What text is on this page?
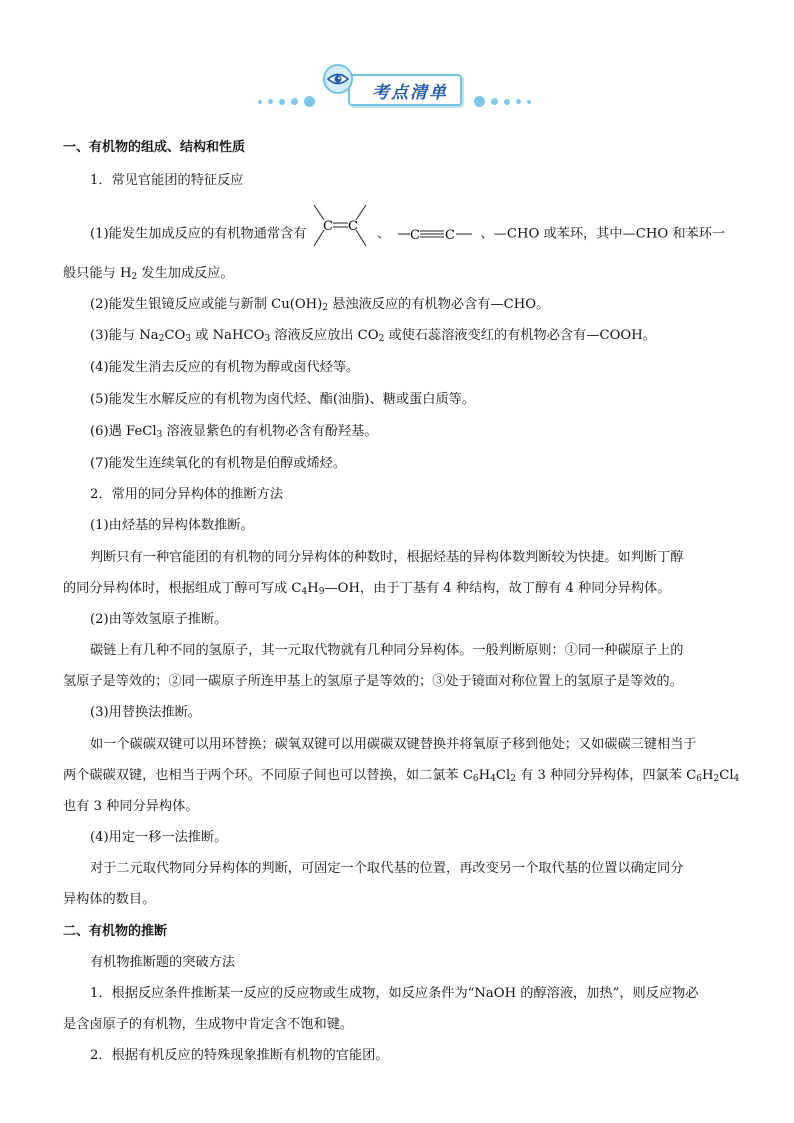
考点清单
一、有机物的组成、结构和性质
1．常见官能团的特征反应
(1)能发生加成反应的有机物通常含有 C C 、 C C 、—CHO 或苯环，其中—CHO 和苯环一
般只能与 $H_2$ 发生加成反应。
(2)能发生银镜反应或能与新制 $Cu(OH)_2$ 悬浊液反应的有机物必含有—CHO。
(3)能与 $Na_2CO_3$ 或 NaHCO$_3$ 溶液反应放出 $CO_2$ 或使石蕊溶液变红的有机物必含有—COOH。
(4)能发生消去反应的有机物为醇或卤代烃等。
(5)能发生水解反应的有机物为卤代烃、酯(油脂)、糖或蛋白质等。
(6)遇 FeCl$_3$ 溶液显紫色的有机物必含有酚羟基。
(7)能发生连续氧化的有机物是伯醇或烯烃。
2．常用的同分异构体的推断方法
(1)由烃基的异构体数推断。
判断只有一种官能团的有机物的同分异构体的种数时，根据烃基的异构体数判断较为快捷。如判断丁醇
的同分异构体时，根据组成丁醇可写成 $C_4H_9—OH$，由于丁基有 4 种结构，故丁醇有 4 种同分异构体。
(2)由等效氢原子推断。
碳链上有几种不同的氢原子，其一元取代物就有几种同分异构体。一般判断原则：①同一种碳原子上的
氢原子是等效的；②同一碳原子所连甲基上的氢原子是等效的；③处于镜面对称位置上的氢原子是等效的。
(3)用替换法推断。
如一个碳碳双键可以用环替换；碳氧双键可以用碳碳双键替换并将氧原子移到他处；又如碳碳三键相当于
两个碳碳双键，也相当于两个环。不同原子间也可以替换，如二氯苯 $C_6H_4Cl_2$ 有 3 种同分异构体，四氯苯 $C_6H_2Cl_4$
也有 3 种同分异构体。
(4)用定一移一法推断。
对于二元取代物同分异构体的判断，可固定一个取代基的位置，再改变另一个取代基的位置以确定同分
异构体的数目。
二、有机物的推断
有机物推断题的突破方法
1．根据反应条件推断某一反应的反应物或生成物，如反应条件为“NaOH 的醇溶液，加热”，则反应物必
是含卤原子的有机物，生成物中肯定含不饱和键。
2．根据有机反应的特殊现象推断有机物的官能团。
